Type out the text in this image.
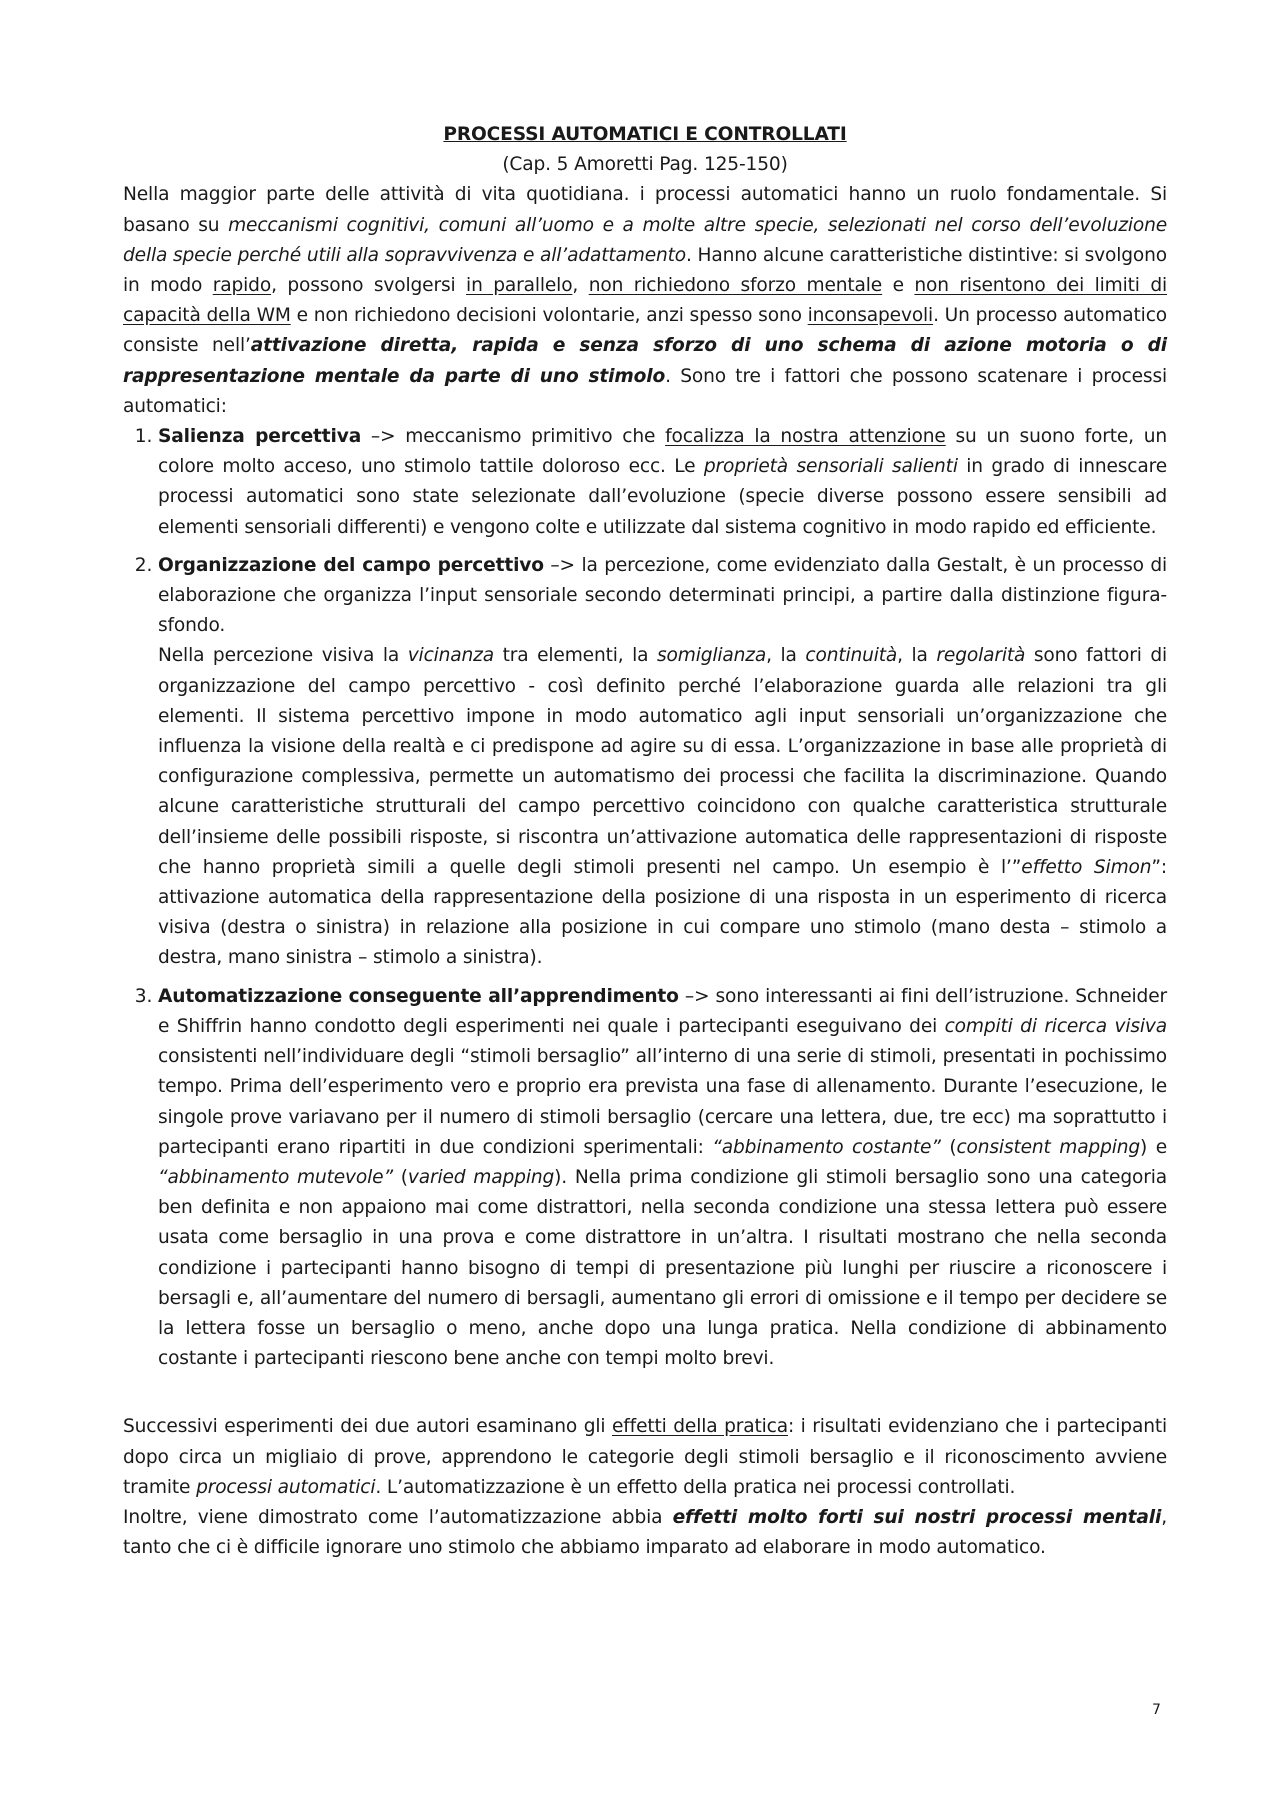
PROCESSI AUTOMATICI E CONTROLLATI

(Cap. 5 Amoretti Pag. 125-150)

Nella maggior parte delle attività di vita quotidiana. i processi automatici hanno un ruolo fondamentale. Si basano su meccanismi cognitivi, comuni all’uomo e a molte altre specie, selezionati nel corso dell’evoluzione della specie perché utili alla sopravvivenza e all’adattamento. Hanno alcune caratteristiche distintive: si svolgono in modo rapido, possono svolgersi in parallelo, non richiedono sforzo mentale e non risentono dei limiti di capacità della WM e non richiedono decisioni volontarie, anzi spesso sono inconsapevoli. Un processo automatico consiste nell’attivazione diretta, rapida e senza sforzo di uno schema di azione motoria o di rappresentazione mentale da parte di uno stimolo. Sono tre i fattori che possono scatenare i processi automatici:

1. Salienza percettiva –> meccanismo primitivo che focalizza la nostra attenzione su un suono forte, un colore molto acceso, uno stimolo tattile doloroso ecc. Le proprietà sensoriali salienti in grado di innescare processi automatici sono state selezionate dall’evoluzione (specie diverse possono essere sensibili ad elementi sensoriali differenti) e vengono colte e utilizzate dal sistema cognitivo in modo rapido ed efficiente.
2. Organizzazione del campo percettivo –> la percezione, come evidenziato dalla Gestalt, è un processo di elaborazione che organizza l’input sensoriale secondo determinati principi, a partire dalla distinzione figura-sfondo.
Nella percezione visiva la vicinanza tra elementi, la somiglianza, la continuità, la regolarità sono fattori di organizzazione del campo percettivo - così definito perché l’elaborazione guarda alle relazioni tra gli elementi. Il sistema percettivo impone in modo automatico agli input sensoriali un’organizzazione che influenza la visione della realtà e ci predispone ad agire su di essa. L’organizzazione in base alle proprietà di configurazione complessiva, permette un automatismo dei processi che facilita la discriminazione. Quando alcune caratteristiche strutturali del campo percettivo coincidono con qualche caratteristica strutturale dell’insieme delle possibili risposte, si riscontra un’attivazione automatica delle rappresentazioni di risposte che hanno proprietà simili a quelle degli stimoli presenti nel campo. Un esempio è l’”effetto Simon”: attivazione automatica della rappresentazione della posizione di una risposta in un esperimento di ricerca visiva (destra o sinistra) in relazione alla posizione in cui compare uno stimolo (mano desta – stimolo a destra, mano sinistra – stimolo a sinistra).
3. Automatizzazione conseguente all’apprendimento –> sono interessanti ai fini dell’istruzione. Schneider e Shiffrin hanno condotto degli esperimenti nei quale i partecipanti eseguivano dei compiti di ricerca visiva consistenti nell’individuare degli “stimoli bersaglio” all’interno di una serie di stimoli, presentati in pochissimo tempo. Prima dell’esperimento vero e proprio era prevista una fase di allenamento. Durante l’esecuzione, le singole prove variavano per il numero di stimoli bersaglio (cercare una lettera, due, tre ecc) ma soprattutto i partecipanti erano ripartiti in due condizioni sperimentali: “abbinamento costante” (consistent mapping) e “abbinamento mutevole” (varied mapping). Nella prima condizione gli stimoli bersaglio sono una categoria ben definita e non appaiono mai come distrattori, nella seconda condizione una stessa lettera può essere usata come bersaglio in una prova e come distrattore in un’altra. I risultati mostrano che nella seconda condizione i partecipanti hanno bisogno di tempi di presentazione più lunghi per riuscire a riconoscere i bersagli e, all’aumentare del numero di bersagli, aumentano gli errori di omissione e il tempo per decidere se la lettera fosse un bersaglio o meno, anche dopo una lunga pratica. Nella condizione di abbinamento costante i partecipanti riescono bene anche con tempi molto brevi.

Successivi esperimenti dei due autori esaminano gli effetti della pratica: i risultati evidenziano che i partecipanti dopo circa un migliaio di prove, apprendono le categorie degli stimoli bersaglio e il riconoscimento avviene tramite processi automatici. L’automatizzazione è un effetto della pratica nei processi controllati.

Inoltre, viene dimostrato come l’automatizzazione abbia effetti molto forti sui nostri processi mentali, tanto che ci è difficile ignorare uno stimolo che abbiamo imparato ad elaborare in modo automatico.

7
